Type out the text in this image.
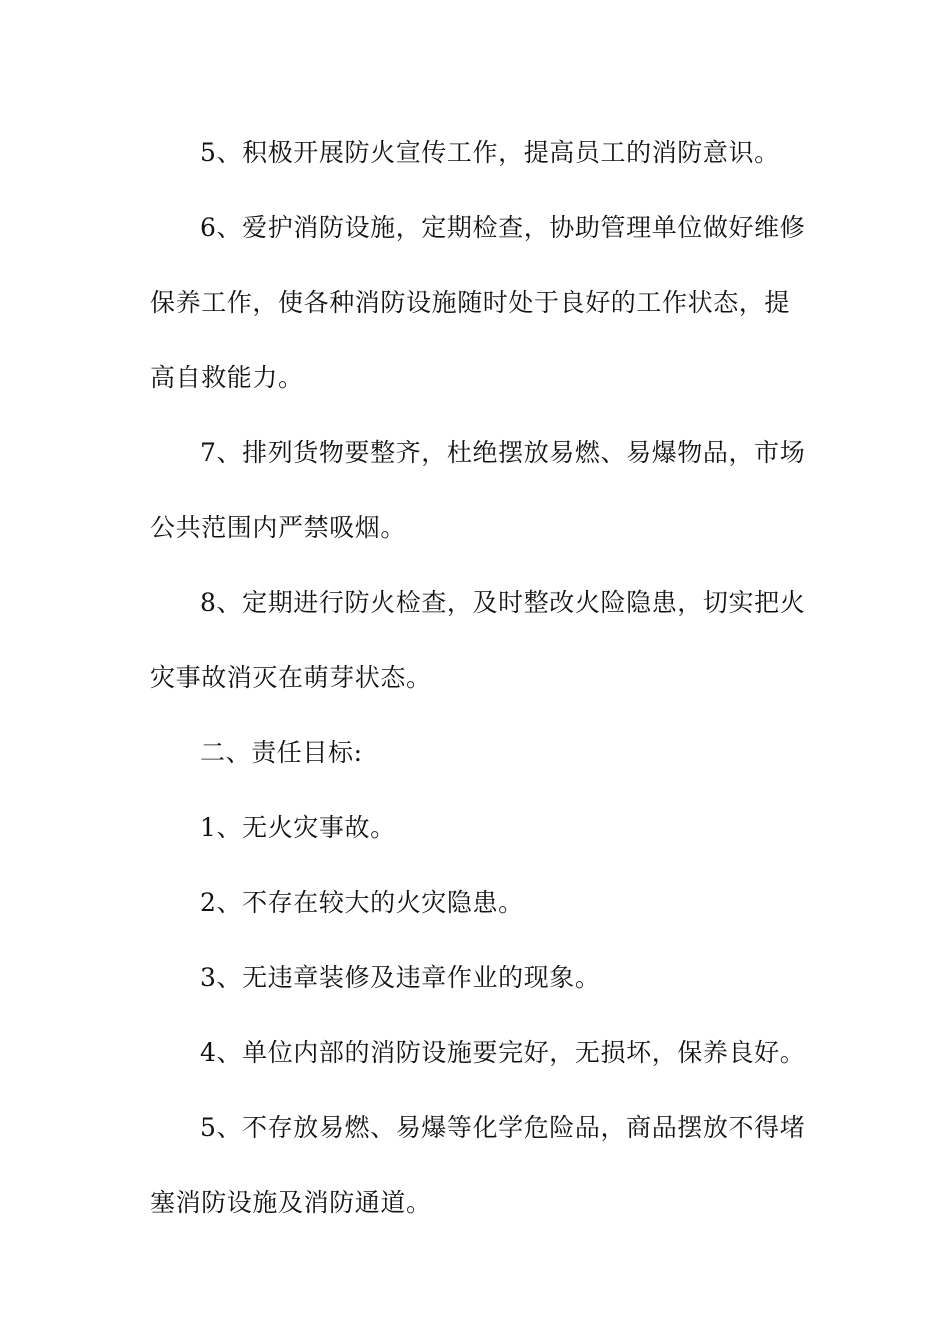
5、积极开展防火宣传工作，提高员工的消防意识。

6、爱护消防设施，定期检查，协助管理单位做好维修保养工作，使各种消防设施随时处于良好的工作状态，提高自救能力。

7、排列货物要整齐，杜绝摆放易燃、易爆物品，市场公共范围内严禁吸烟。

8、定期进行防火检查，及时整改火险隐患，切实把火灾事故消灭在萌芽状态。

二、责任目标:

1、无火灾事故。

2、不存在较大的火灾隐患。

3、无违章装修及违章作业的现象。

4、单位内部的消防设施要完好，无损坏，保养良好。

5、不存放易燃、易爆等化学危险品，商品摆放不得堵塞消防设施及消防通道。
